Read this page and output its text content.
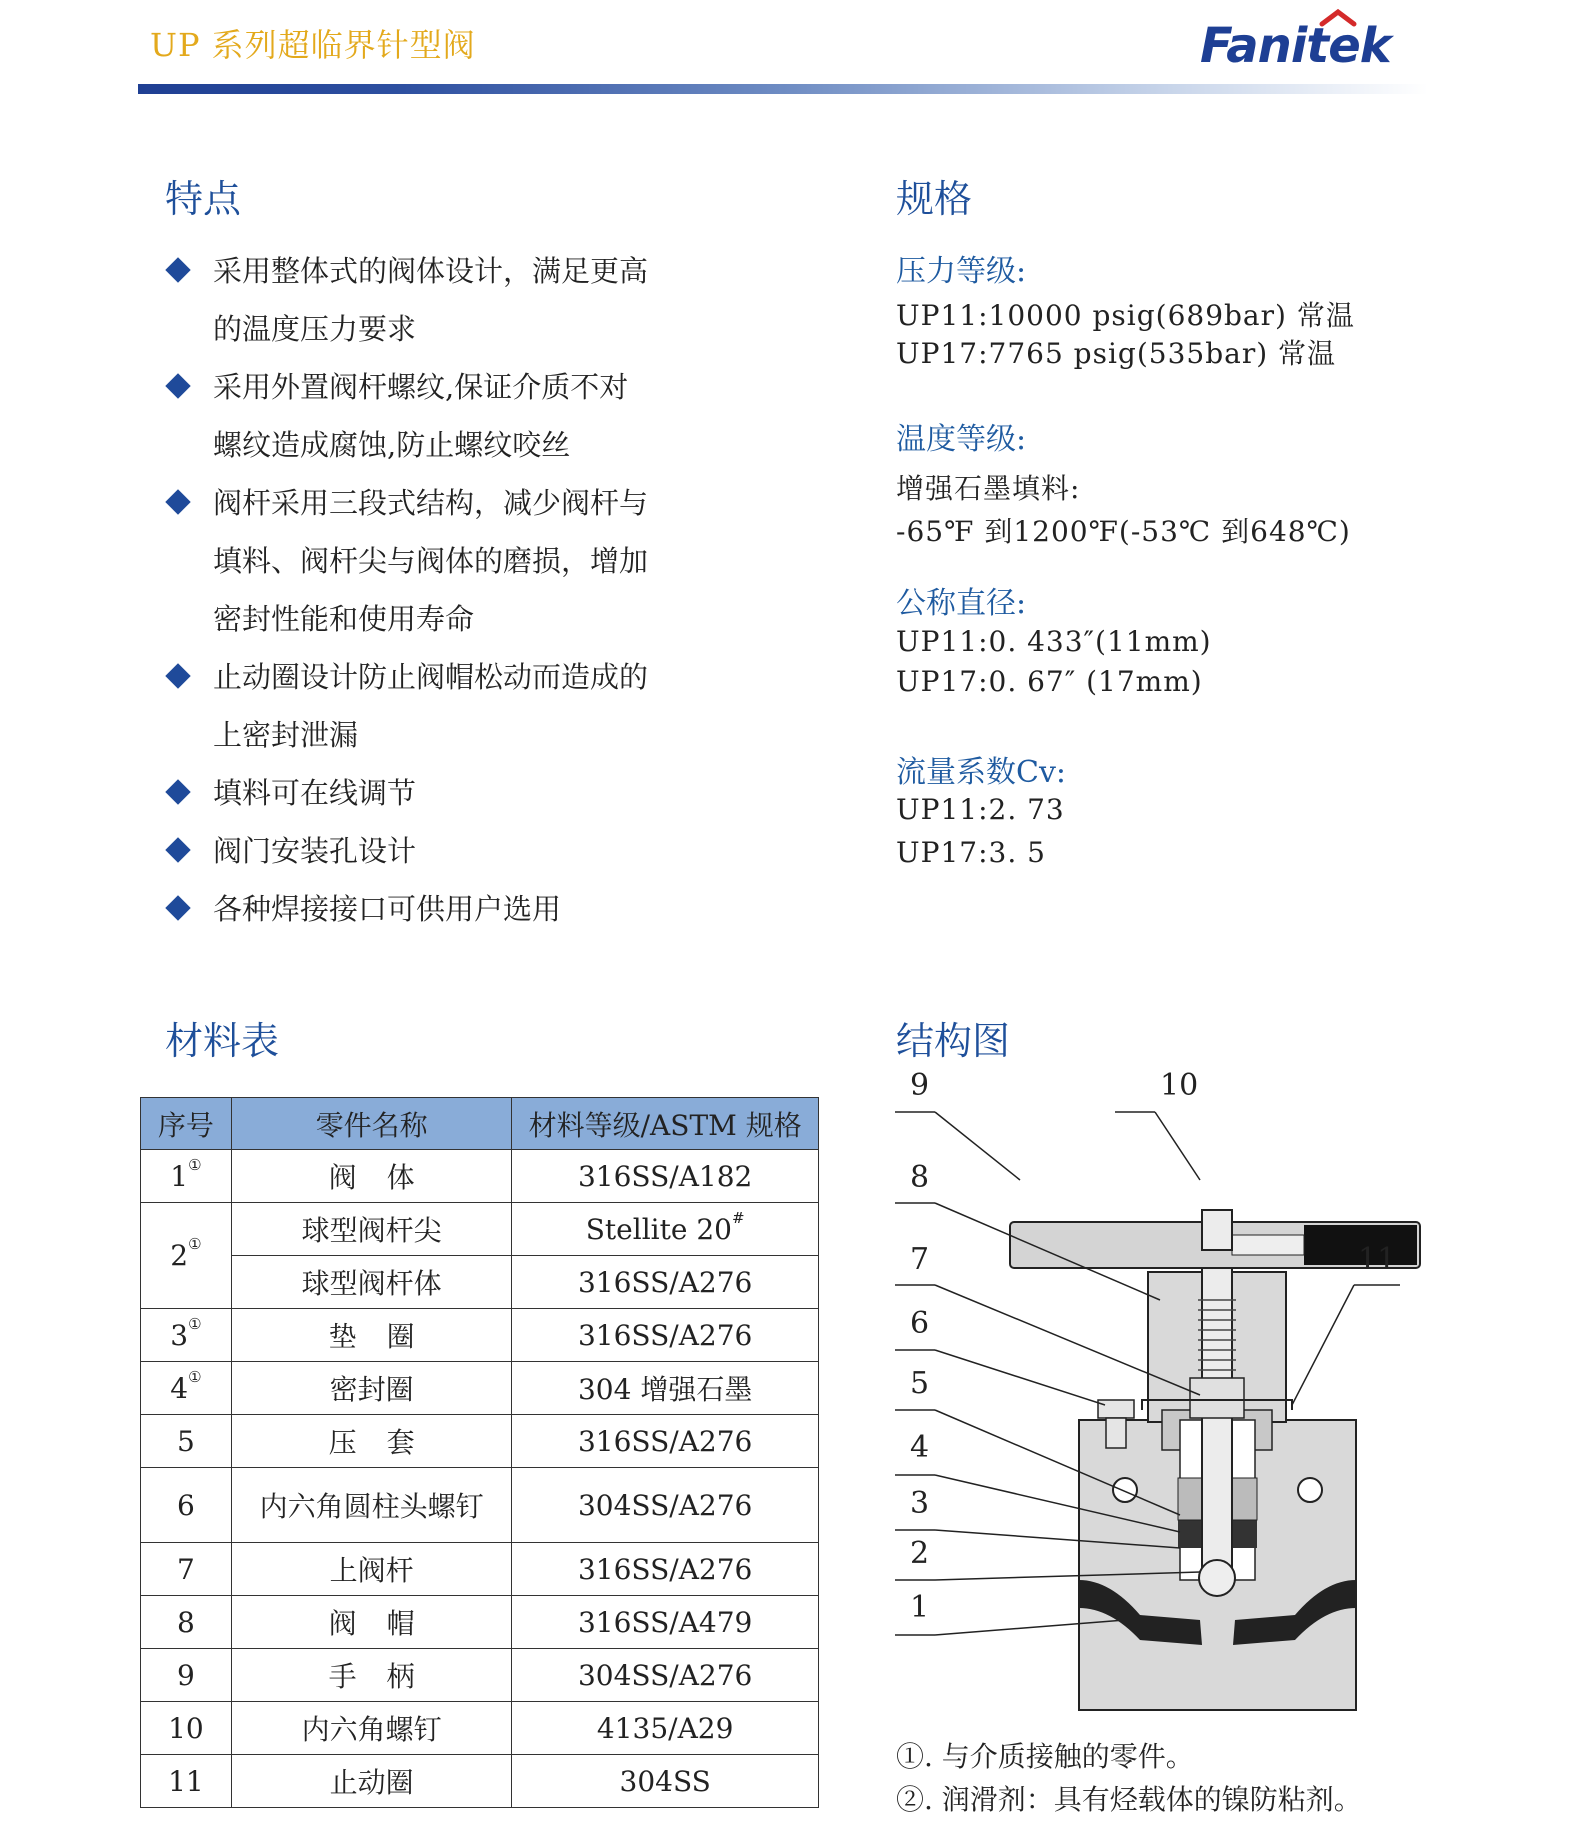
UP 系列超临界针型阀	Fanitek
特点
采用整体式的阀体设计，满足更高
的温度压力要求
采用外置阀杆螺纹,保证介质不对
螺纹造成腐蚀,防止螺纹咬丝
阀杆采用三段式结构，减少阀杆与
填料、阀杆尖与阀体的磨损，增加
密封性能和使用寿命
止动圈设计防止阀帽松动而造成的
上密封泄漏
填料可在线调节
阀门安装孔设计
各种焊接接口可供用户选用
规格
压力等级:
UP11:10000 psig(689bar) 常温
UP17:7765 psig(535bar) 常温
温度等级:
增强石墨填料:
-65℉ 到1200℉(-53℃ 到648℃)
公称直径:
UP11:0. 433″(11mm)
UP17:0. 67″ (17mm)
流量系数Cv:
UP11:2. 73
UP17:3. 5
材料表
序号	零件名称	材料等级/ASTM 规格
1①	阀体	316SS/A182
2①	球型阀杆尖	Stellite 20#
	球型阀杆体	316SS/A276
3①	垫圈	316SS/A276
4①	密封圈	304 增强石墨
5	压套	316SS/A276
6	内六角圆柱头螺钉	304SS/A276
7	上阀杆	316SS/A276
8	阀帽	316SS/A479
9	手柄	304SS/A276
10	内六角螺钉	4135/A29
11	止动圈	304SS
结构图
9	10
8
7	11
6
5
4
3
2
1
①. 与介质接触的零件。
②. 润滑剂：具有烃载体的镍防粘剂。
